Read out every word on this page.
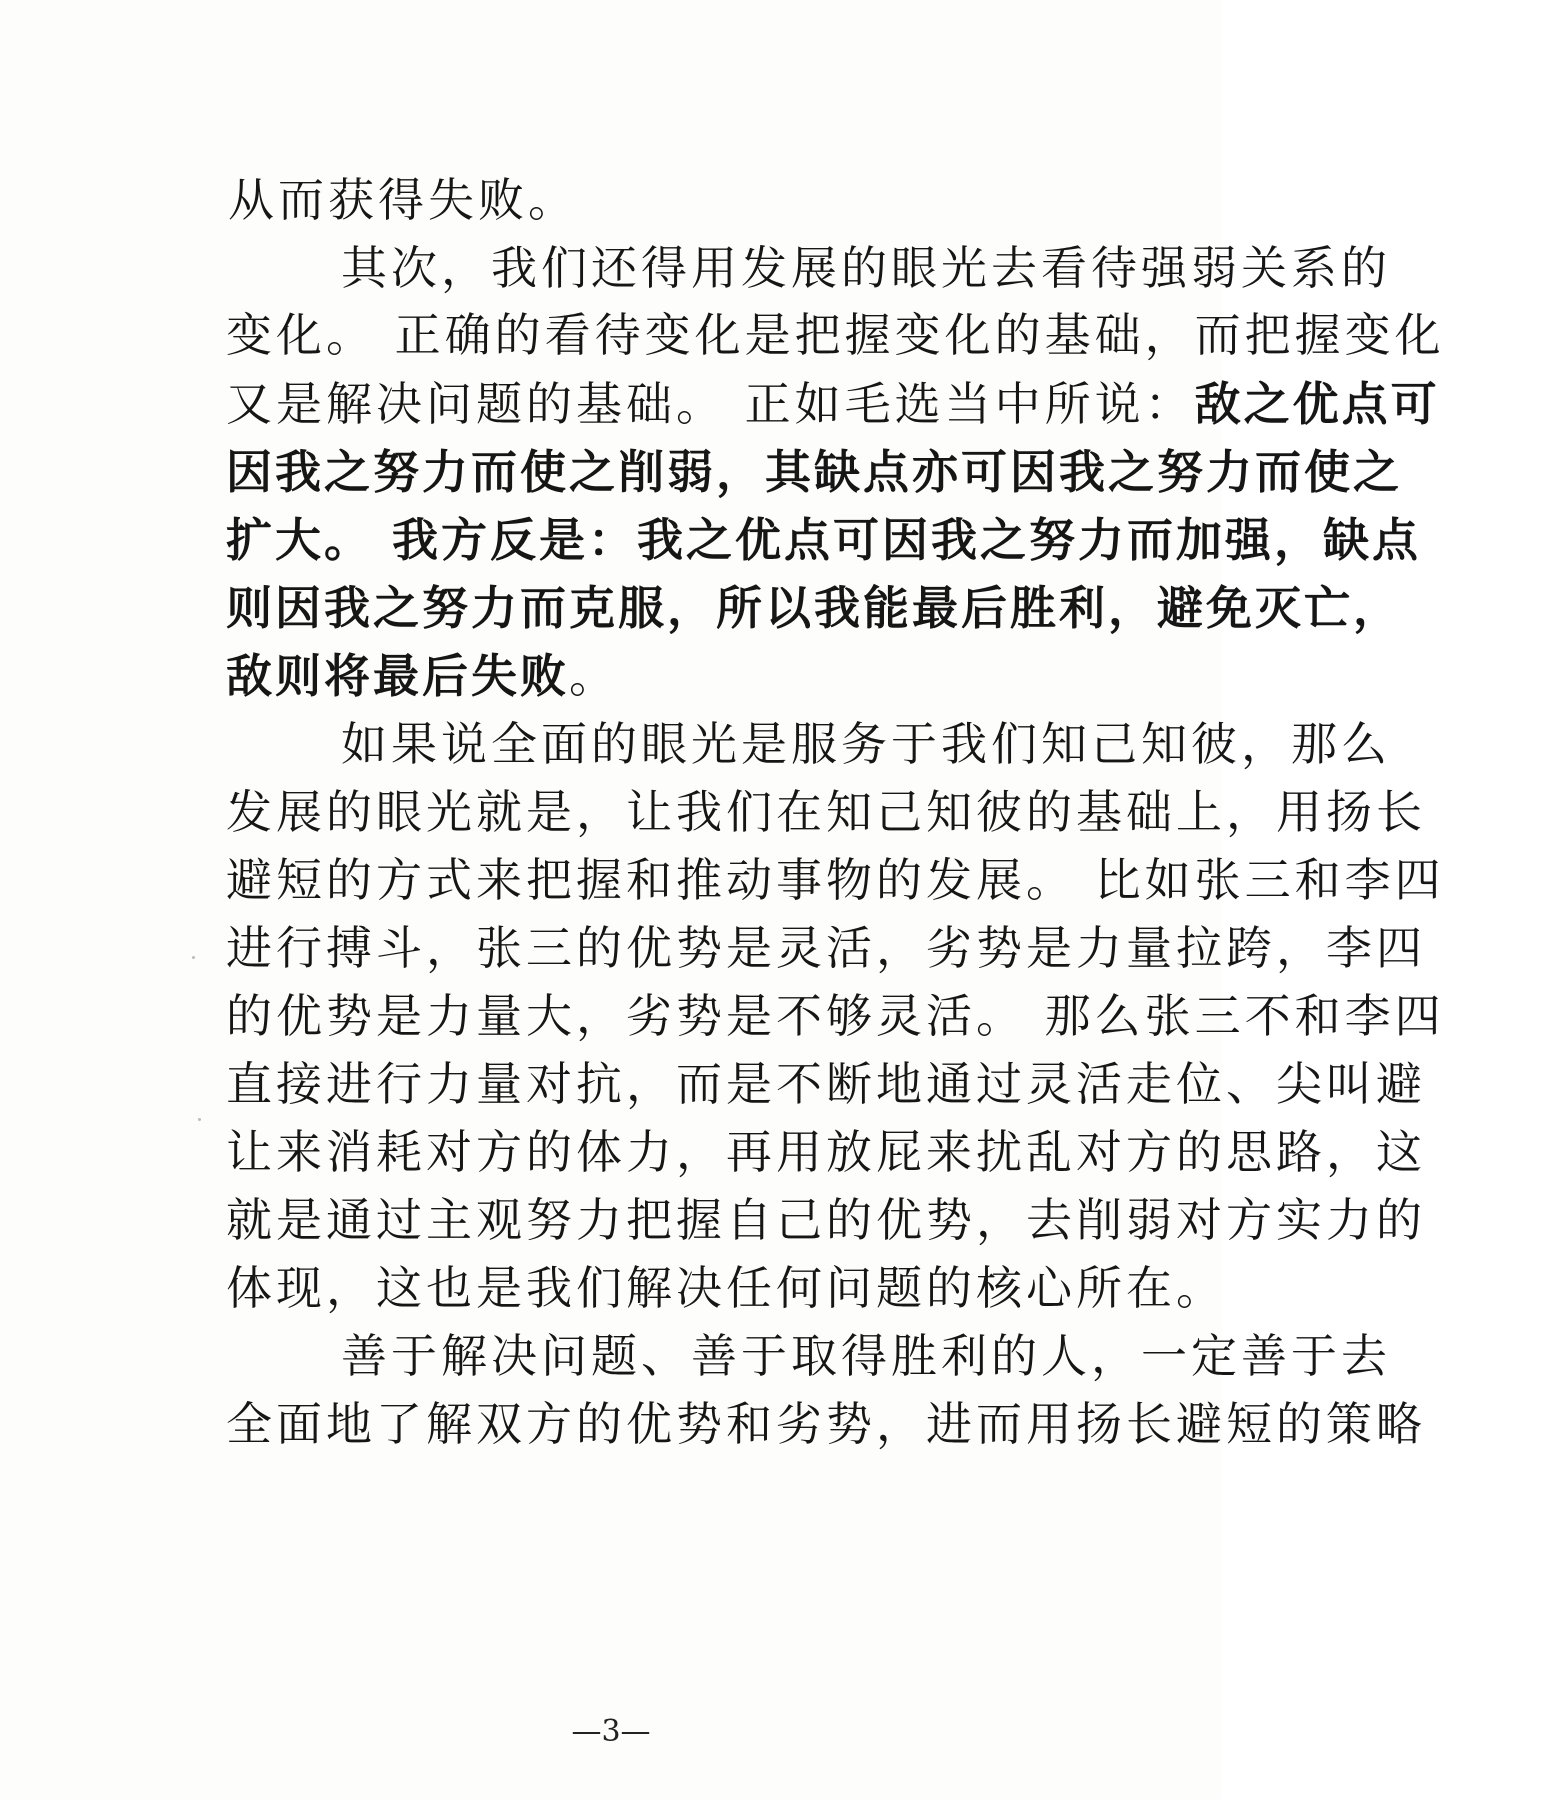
从而获得失败。
其次，我们还得用发展的眼光去看待强弱关系的
变化。 正确的看待变化是把握变化的基础，而把握变化
又是解决问题的基础。 正如毛选当中所说：敌之优点可
因我之努力而使之削弱，其缺点亦可因我之努力而使之
扩大。 我方反是：我之优点可因我之努力而加强，缺点
则因我之努力而克服，所以我能最后胜利，避免灭亡，
敌则将最后失败。
如果说全面的眼光是服务于我们知己知彼，那么
发展的眼光就是，让我们在知己知彼的基础上，用扬长
避短的方式来把握和推动事物的发展。 比如张三和李四
进行搏斗，张三的优势是灵活，劣势是力量拉跨，李四
的优势是力量大，劣势是不够灵活。 那么张三不和李四
直接进行力量对抗，而是不断地通过灵活走位、尖叫避
让来消耗对方的体力，再用放屁来扰乱对方的思路，这
就是通过主观努力把握自己的优势，去削弱对方实力的
体现，这也是我们解决任何问题的核心所在。
善于解决问题、善于取得胜利的人，一定善于去
全面地了解双方的优势和劣势，进而用扬长避短的策略
—3—
